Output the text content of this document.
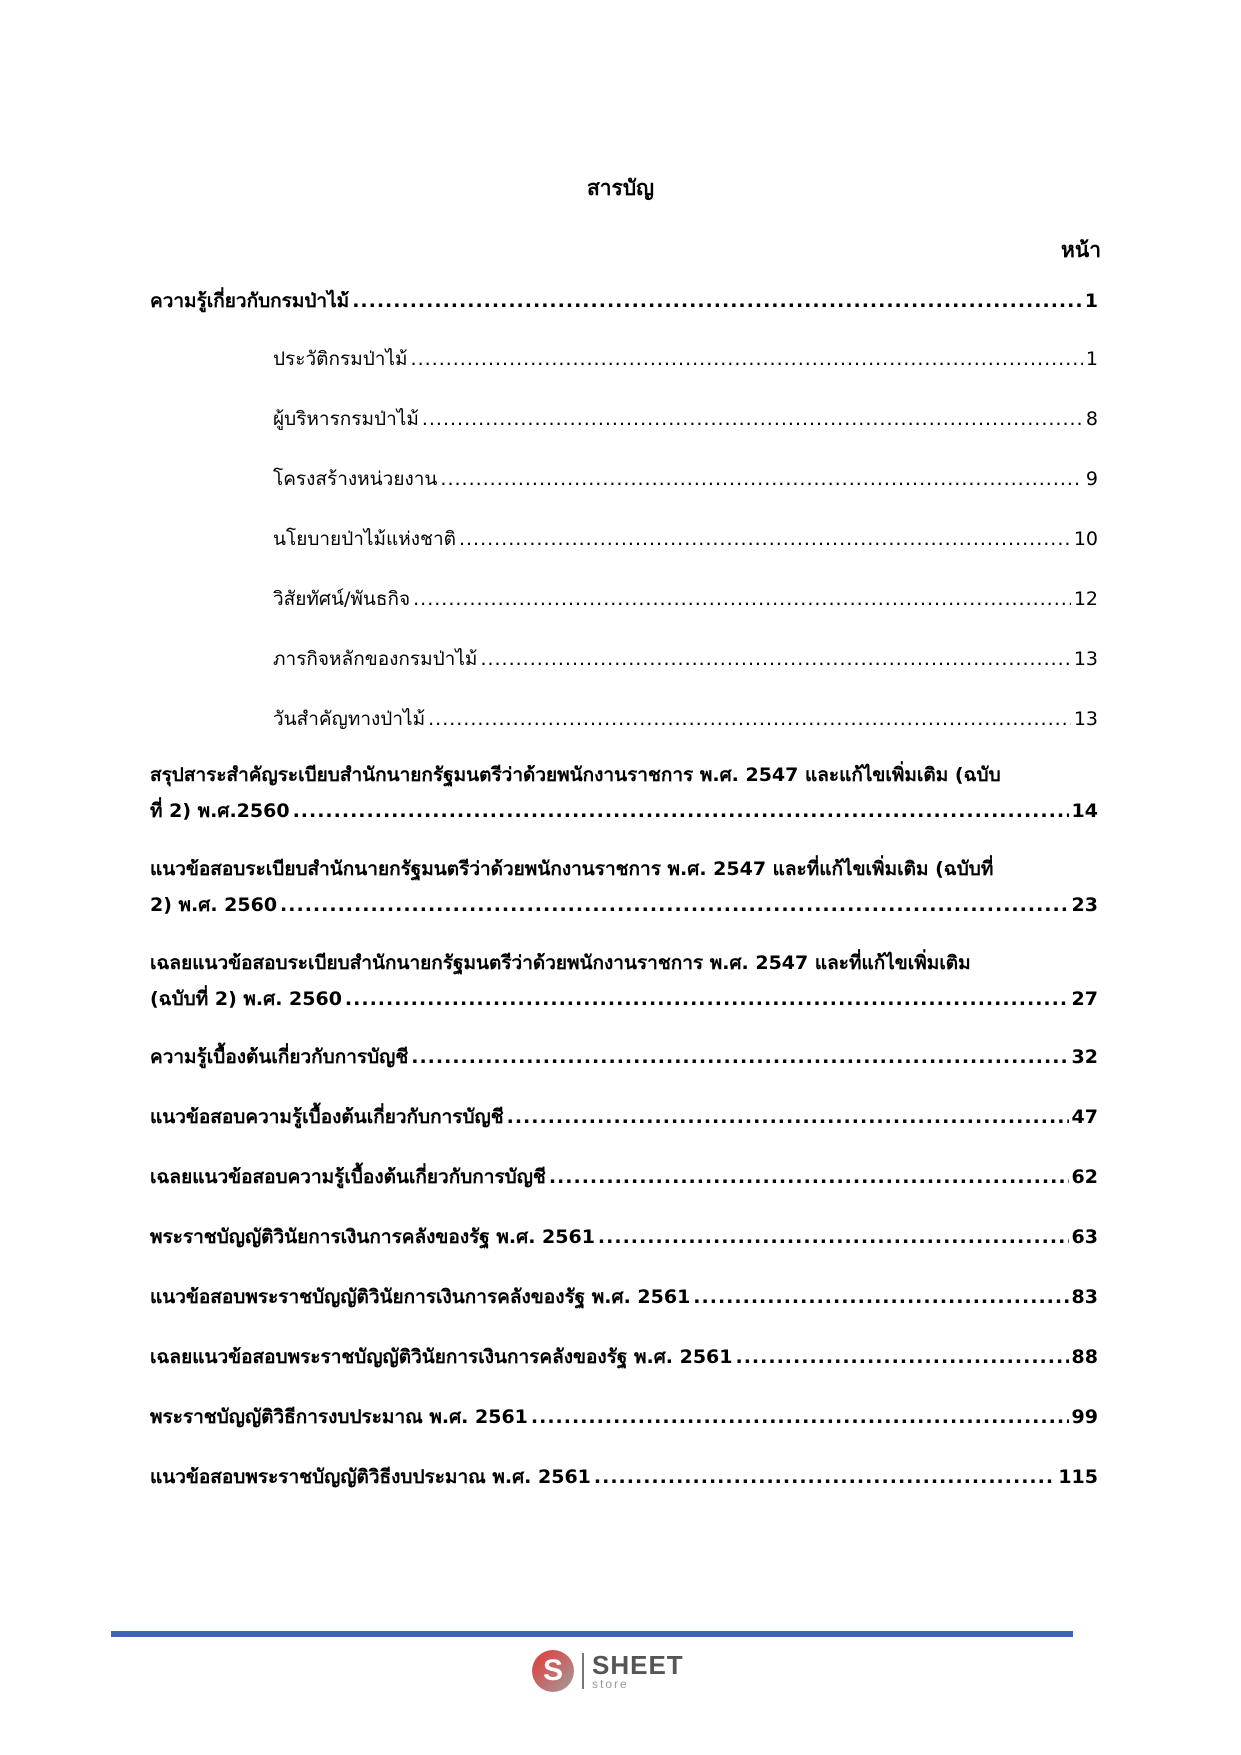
สารบัญ
หน้า
ความรู้เกี่ยวกับกรมป่าไม้ .....	1
ประวัติกรมป่าไม้ .....	1
ผู้บริหารกรมป่าไม้ .....	8
โครงสร้างหน่วยงาน .....	9
นโยบายป่าไม้แห่งชาติ .....	10
วิสัยทัศน์/พันธกิจ .....	12
ภารกิจหลักของกรมป่าไม้ .....	13
วันสำคัญทางป่าไม้ .....	13
สรุปสาระสำคัญระเบียบสำนักนายกรัฐมนตรีว่าด้วยพนักงานราชการ พ.ศ. 2547 และแก้ไขเพิ่มเติม (ฉบับ
ที่ 2) พ.ศ.2560 .....	14
แนวข้อสอบระเบียบสำนักนายกรัฐมนตรีว่าด้วยพนักงานราชการ พ.ศ. 2547 และที่แก้ไขเพิ่มเติม (ฉบับที่
2) พ.ศ. 2560 .....	23
เฉลยแนวข้อสอบระเบียบสำนักนายกรัฐมนตรีว่าด้วยพนักงานราชการ พ.ศ. 2547 และที่แก้ไขเพิ่มเติม
(ฉบับที่ 2) พ.ศ. 2560 .....	27
ความรู้เบื้องต้นเกี่ยวกับการบัญชี .....	32
แนวข้อสอบความรู้เบื้องต้นเกี่ยวกับการบัญชี .....	47
เฉลยแนวข้อสอบความรู้เบื้องต้นเกี่ยวกับการบัญชี .....	62
พระราชบัญญัติวินัยการเงินการคลังของรัฐ พ.ศ. 2561 .....	63
แนวข้อสอบพระราชบัญญัติวินัยการเงินการคลังของรัฐ พ.ศ. 2561 .....	83
เฉลยแนวข้อสอบพระราชบัญญัติวินัยการเงินการคลังของรัฐ พ.ศ. 2561 .....	88
พระราชบัญญัติวิธีการงบประมาณ พ.ศ. 2561 .....	99
แนวข้อสอบพระราชบัญญัติวิธีงบประมาณ พ.ศ. 2561 .....	115
S	SHEET
store
